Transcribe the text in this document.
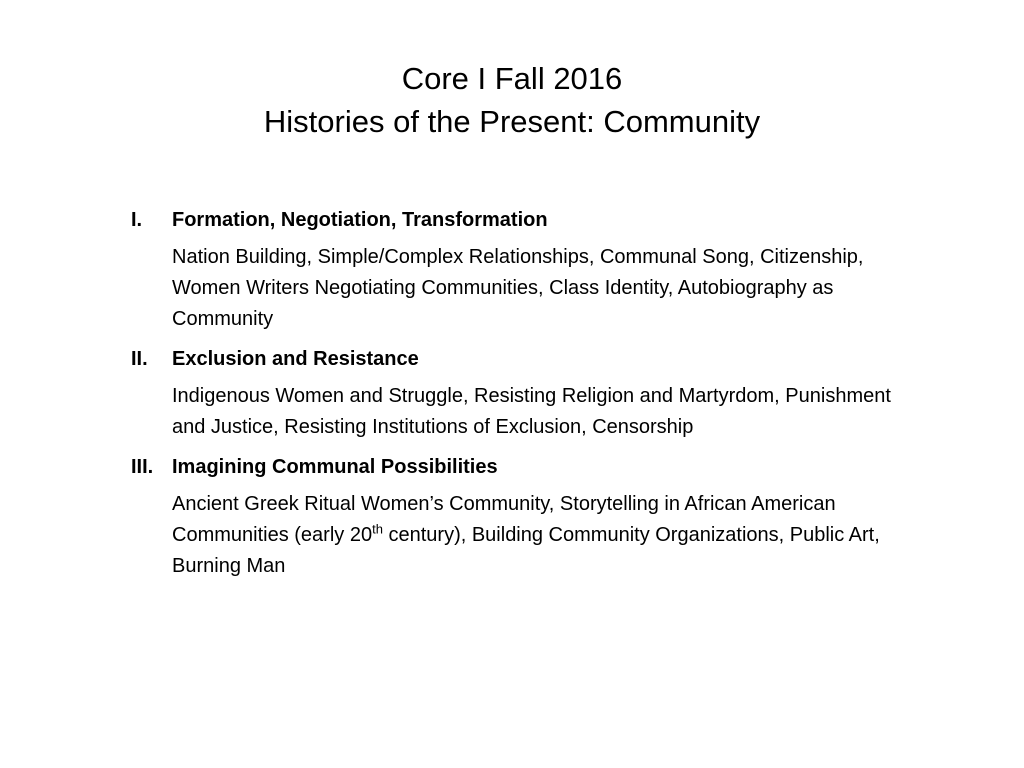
Core I Fall 2016
Histories of the Present: Community
I.	Formation, Negotiation, Transformation
Nation Building, Simple/Complex Relationships, Communal Song, Citizenship, Women Writers Negotiating Communities, Class Identity, Autobiography as Community
II.	Exclusion and Resistance
Indigenous Women and Struggle, Resisting Religion and Martyrdom, Punishment and Justice, Resisting Institutions of Exclusion, Censorship
III. Imagining Communal Possibilities
Ancient Greek Ritual Women’s Community, Storytelling in African American Communities (early 20th century), Building Community Organizations, Public Art, Burning Man
